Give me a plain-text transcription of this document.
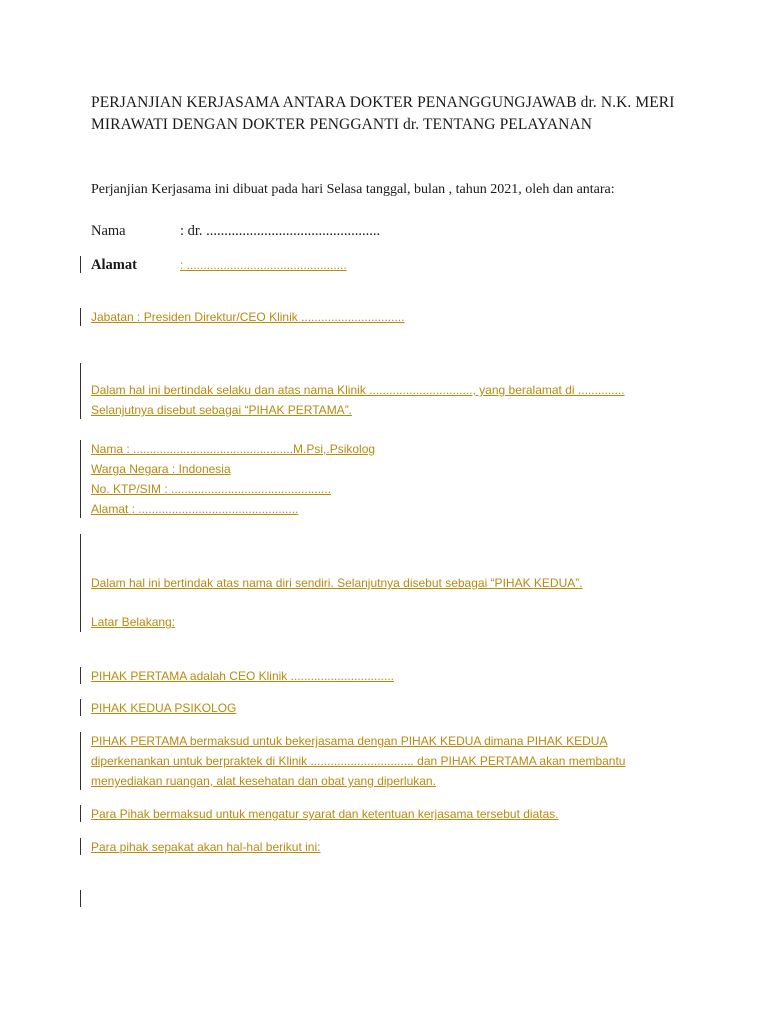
PERJANJIAN KERJASAMA ANTARA DOKTER PENANGGUNGJAWAB dr. N.K. MERI
MIRAWATI DENGAN DOKTER PENGGANTI dr. TENTANG PELAYANAN
Perjanjian Kerjasama ini dibuat pada hari Selasa tanggal, bulan , tahun 2021, oleh dan antara:
Nama	: dr. ................................................
Alamat	: ................................................
Jabatan : Presiden Direktur/CEO Klinik ...............................
Dalam hal ini bertindak selaku dan atas nama Klinik ..............................., yang beralamat di ..............
Selanjutnya disebut sebagai “PIHAK PERTAMA”.
Nama : ................................................M.Psi,.Psikolog
Warga Negara : Indonesia
No. KTP/SIM : ................................................
Alamat : ................................................
Dalam hal ini bertindak atas nama diri sendiri. Selanjutnya disebut sebagai “PIHAK KEDUA”.
Latar Belakang:
PIHAK PERTAMA adalah CEO Klinik ...............................
PIHAK KEDUA PSIKOLOG
PIHAK PERTAMA bermaksud untuk bekerjasama dengan PIHAK KEDUA dimana PIHAK KEDUA
diperkenankan untuk berpraktek di Klinik ............................... dan PIHAK PERTAMA akan membantu
menyediakan ruangan, alat kesehatan dan obat yang diperlukan.
Para Pihak bermaksud untuk mengatur syarat dan ketentuan kerjasama tersebut diatas.
Para pihak sepakat akan hal-hal berikut ini:
